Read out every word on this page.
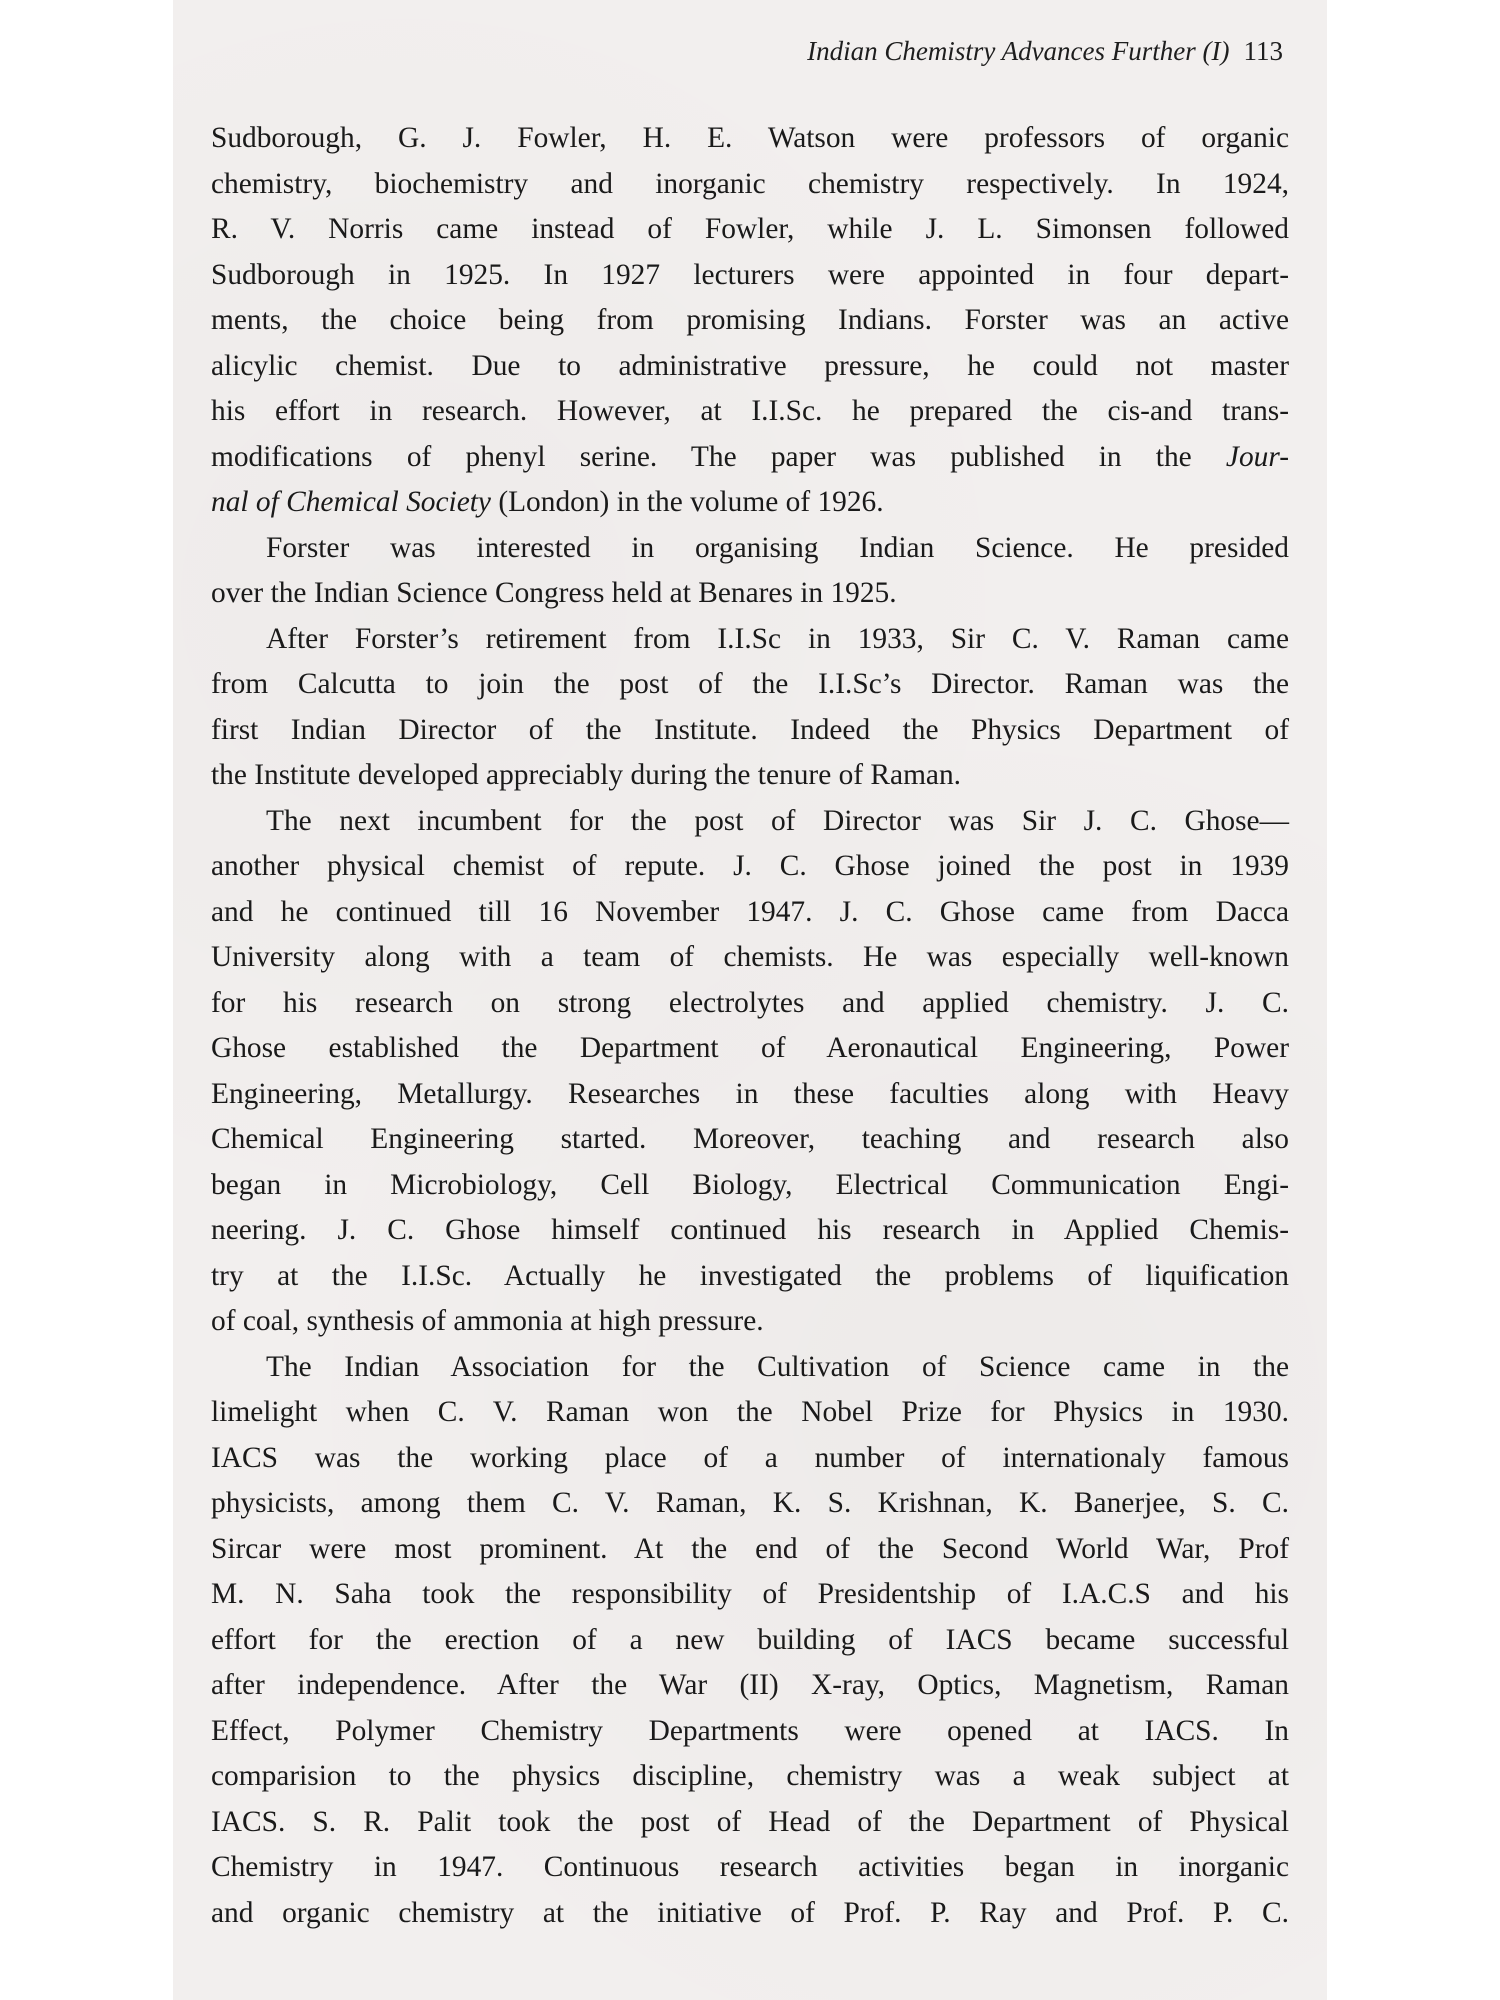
Indian Chemistry Advances Further (I) 113
Sudborough, G. J. Fowler, H. E. Watson were professors of organic
chemistry, biochemistry and inorganic chemistry respectively. In 1924,
R. V. Norris came instead of Fowler, while J. L. Simonsen followed
Sudborough in 1925. In 1927 lecturers were appointed in four depart-
ments, the choice being from promising Indians. Forster was an active
alicylic chemist. Due to administrative pressure, he could not master
his effort in research. However, at I.I.Sc. he prepared the cis-and trans-
modifications of phenyl serine. The paper was published in the Jour-
nal of Chemical Society (London) in the volume of 1926.
Forster was interested in organising Indian Science. He presided
over the Indian Science Congress held at Benares in 1925.
After Forster’s retirement from I.I.Sc in 1933, Sir C. V. Raman came
from Calcutta to join the post of the I.I.Sc’s Director. Raman was the
first Indian Director of the Institute. Indeed the Physics Department of
the Institute developed appreciably during the tenure of Raman.
The next incumbent for the post of Director was Sir J. C. Ghose—
another physical chemist of repute. J. C. Ghose joined the post in 1939
and he continued till 16 November 1947. J. C. Ghose came from Dacca
University along with a team of chemists. He was especially well-known
for his research on strong electrolytes and applied chemistry. J. C.
Ghose established the Department of Aeronautical Engineering, Power
Engineering, Metallurgy. Researches in these faculties along with Heavy
Chemical Engineering started. Moreover, teaching and research also
began in Microbiology, Cell Biology, Electrical Communication Engi-
neering. J. C. Ghose himself continued his research in Applied Chemis-
try at the I.I.Sc. Actually he investigated the problems of liquification
of coal, synthesis of ammonia at high pressure.
The Indian Association for the Cultivation of Science came in the
limelight when C. V. Raman won the Nobel Prize for Physics in 1930.
IACS was the working place of a number of internationaly famous
physicists, among them C. V. Raman, K. S. Krishnan, K. Banerjee, S. C.
Sircar were most prominent. At the end of the Second World War, Prof
M. N. Saha took the responsibility of Presidentship of I.A.C.S and his
effort for the erection of a new building of IACS became successful
after independence. After the War (II) X-ray, Optics, Magnetism, Raman
Effect, Polymer Chemistry Departments were opened at IACS. In
comparision to the physics discipline, chemistry was a weak subject at
IACS. S. R. Palit took the post of Head of the Department of Physical
Chemistry in 1947. Continuous research activities began in inorganic
and organic chemistry at the initiative of Prof. P. Ray and Prof. P. C.
